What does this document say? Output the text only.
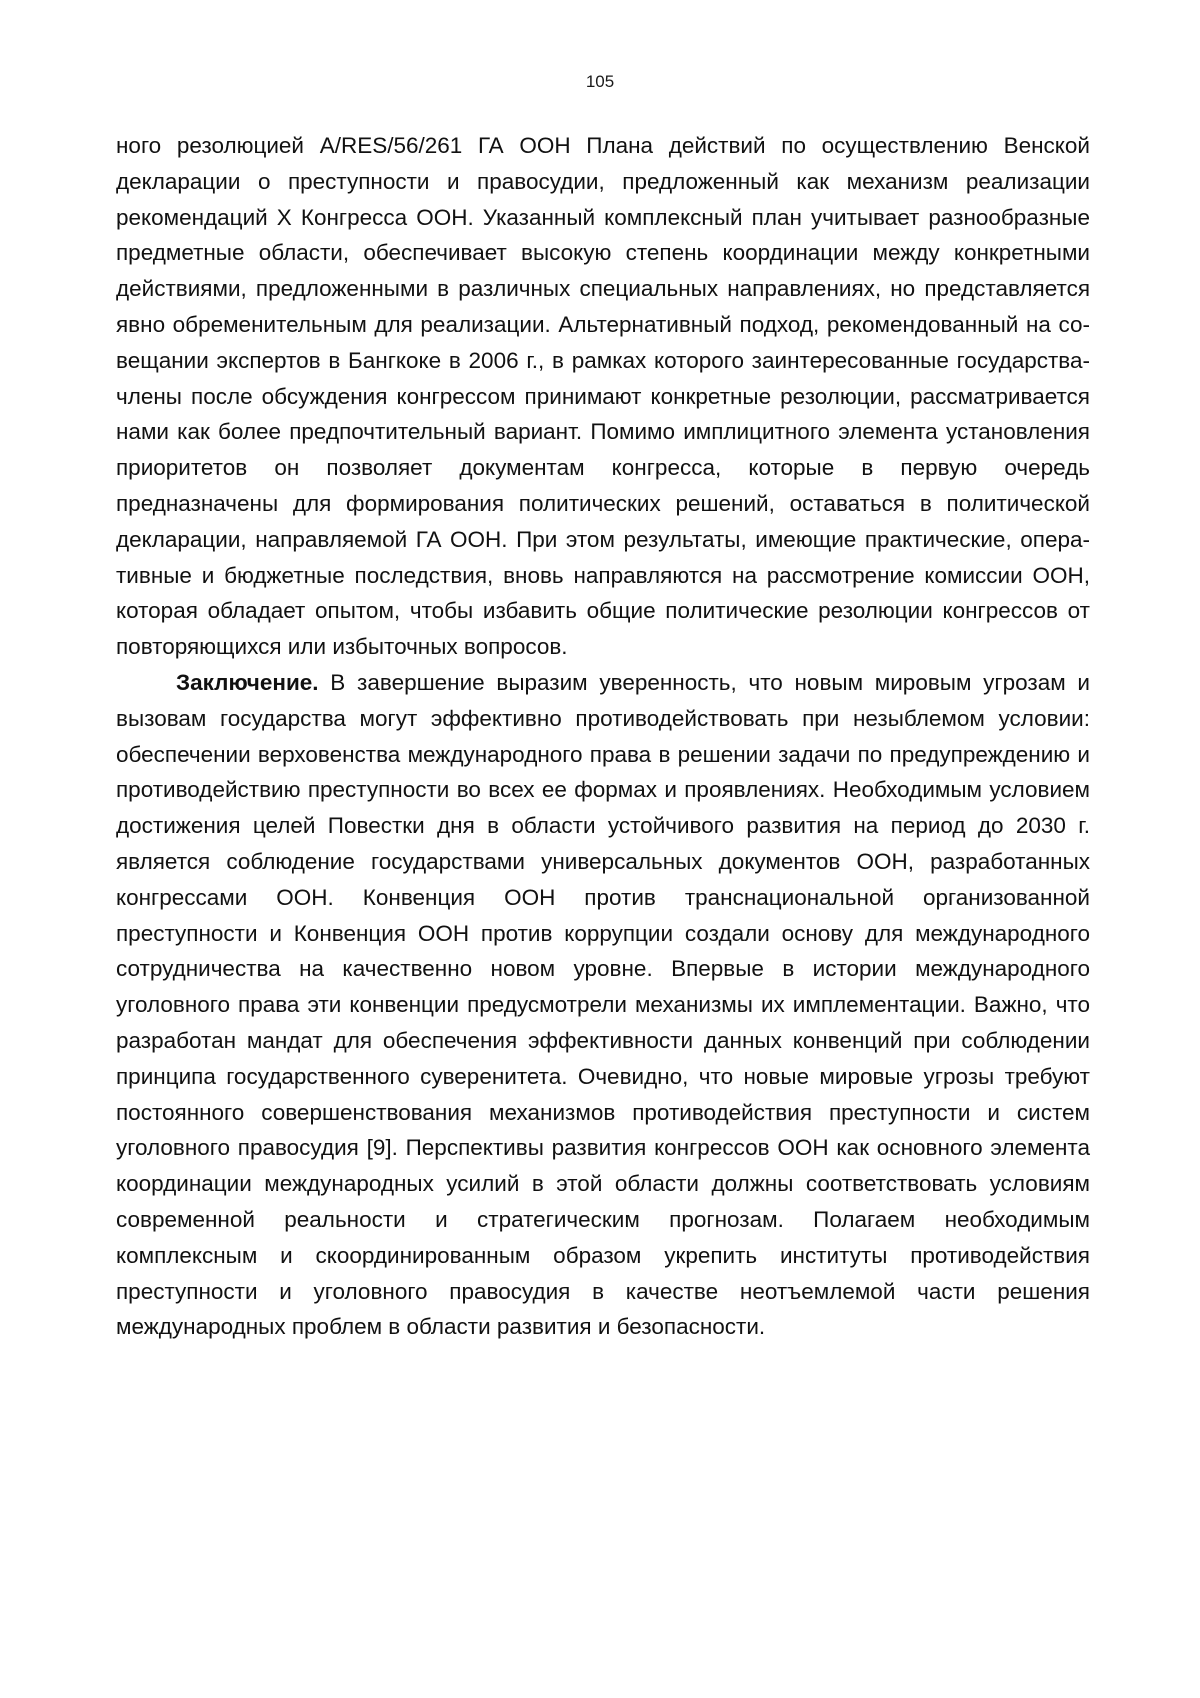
105

ного резолюцией A/RES/56/261 ГА ООН Плана действий по осуществлению Венской декларации о преступности и правосудии, предложенный как механизм реализации рекомендаций X Конгресса ООН. Указанный комплексный план учитывает разнообразные предметные области, обеспечивает высокую степень координации между конкретными действиями, предложенными в различных специальных направлениях, но представляется явно обременительным для реализации. Альтернативный подход, рекомендованный на совещании экспертов в Бангкоке в 2006 г., в рамках которого заинтересованные государства-члены после обсуждения конгрессом принимают конкретные резолюции, рассматривается нами как более предпочтительный вариант. Помимо имплицитного элемента установления приоритетов он позволяет документам конгресса, которые в первую очередь предназначены для формирования политических решений, оставаться в политической декларации, направляемой ГА ООН. При этом результаты, имеющие практические, оперативные и бюджетные последствия, вновь направляются на рассмотрение комиссии ООН, которая обладает опытом, чтобы избавить общие политические резолюции конгрессов от повторяющихся или избыточных вопросов.

Заключение. В завершение выразим уверенность, что новым мировым угрозам и вызовам государства могут эффективно противодействовать при незыблемом условии: обеспечении верховенства международного права в решении задачи по предупреждению и противодействию преступности во всех ее формах и проявлениях. Необходимым условием достижения целей Повестки дня в области устойчивого развития на период до 2030 г. является соблюдение государствами универсальных документов ООН, разработанных конгрессами ООН. Конвенция ООН против транснациональной организованной преступности и Конвенция ООН против коррупции создали основу для международного сотрудничества на качественно новом уровне. Впервые в истории международного уголовного права эти конвенции предусмотрели механизмы их имплементации. Важно, что разработан мандат для обеспечения эффективности данных конвенций при соблюдении принципа государственного суверенитета. Очевидно, что новые мировые угрозы требуют постоянного совершенствования механизмов противодействия преступности и систем уголовного правосудия [9]. Перспективы развития конгрессов ООН как основного элемента координации международных усилий в этой области должны соответствовать условиям современной реальности и стратегическим прогнозам. Полагаем необходимым комплексным и скоординированным образом укрепить институты противодействия преступности и уголовного правосудия в качестве неотъемлемой части решения международных проблем в области развития и безопасности.
